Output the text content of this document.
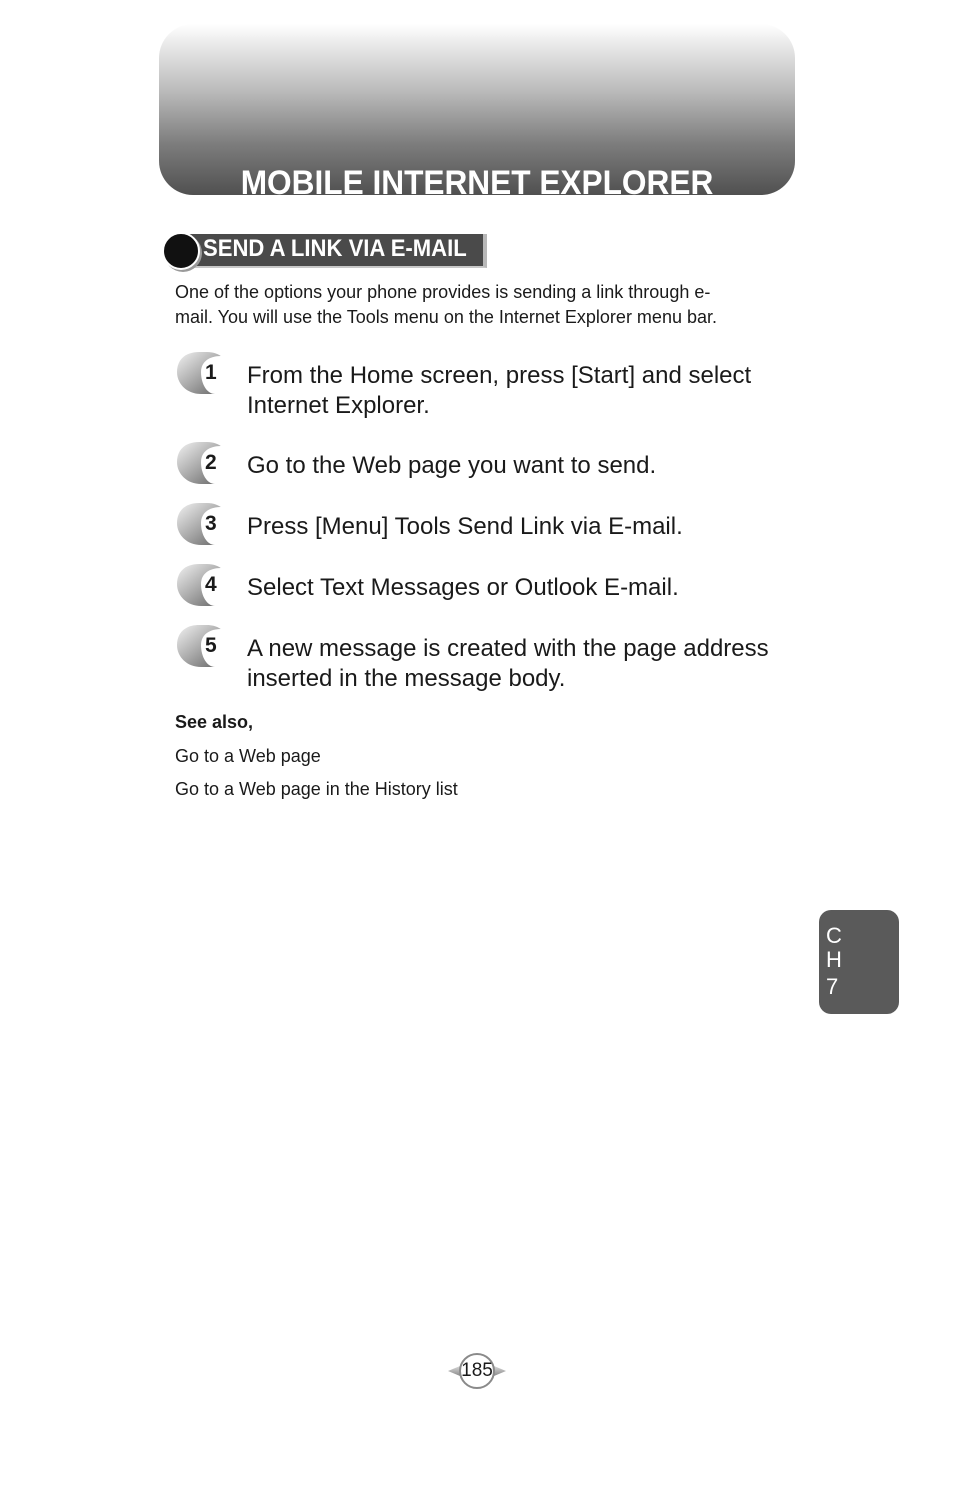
MOBILE INTERNET EXPLORER
SEND A LINK VIA E-MAIL
One of the options your phone provides is sending a link through e-
mail. You will use the Tools menu on the Internet Explorer menu bar.
1 From the Home screen, press [Start] and select
Internet Explorer.
2 Go to the Web page you want to send.
3 Press [Menu] Tools Send Link via E-mail.
4 Select Text Messages or Outlook E-mail.
5 A new message is created with the page address
inserted in the message body.
See also,
Go to a Web page
Go to a Web page in the History list
C
H
7
185
